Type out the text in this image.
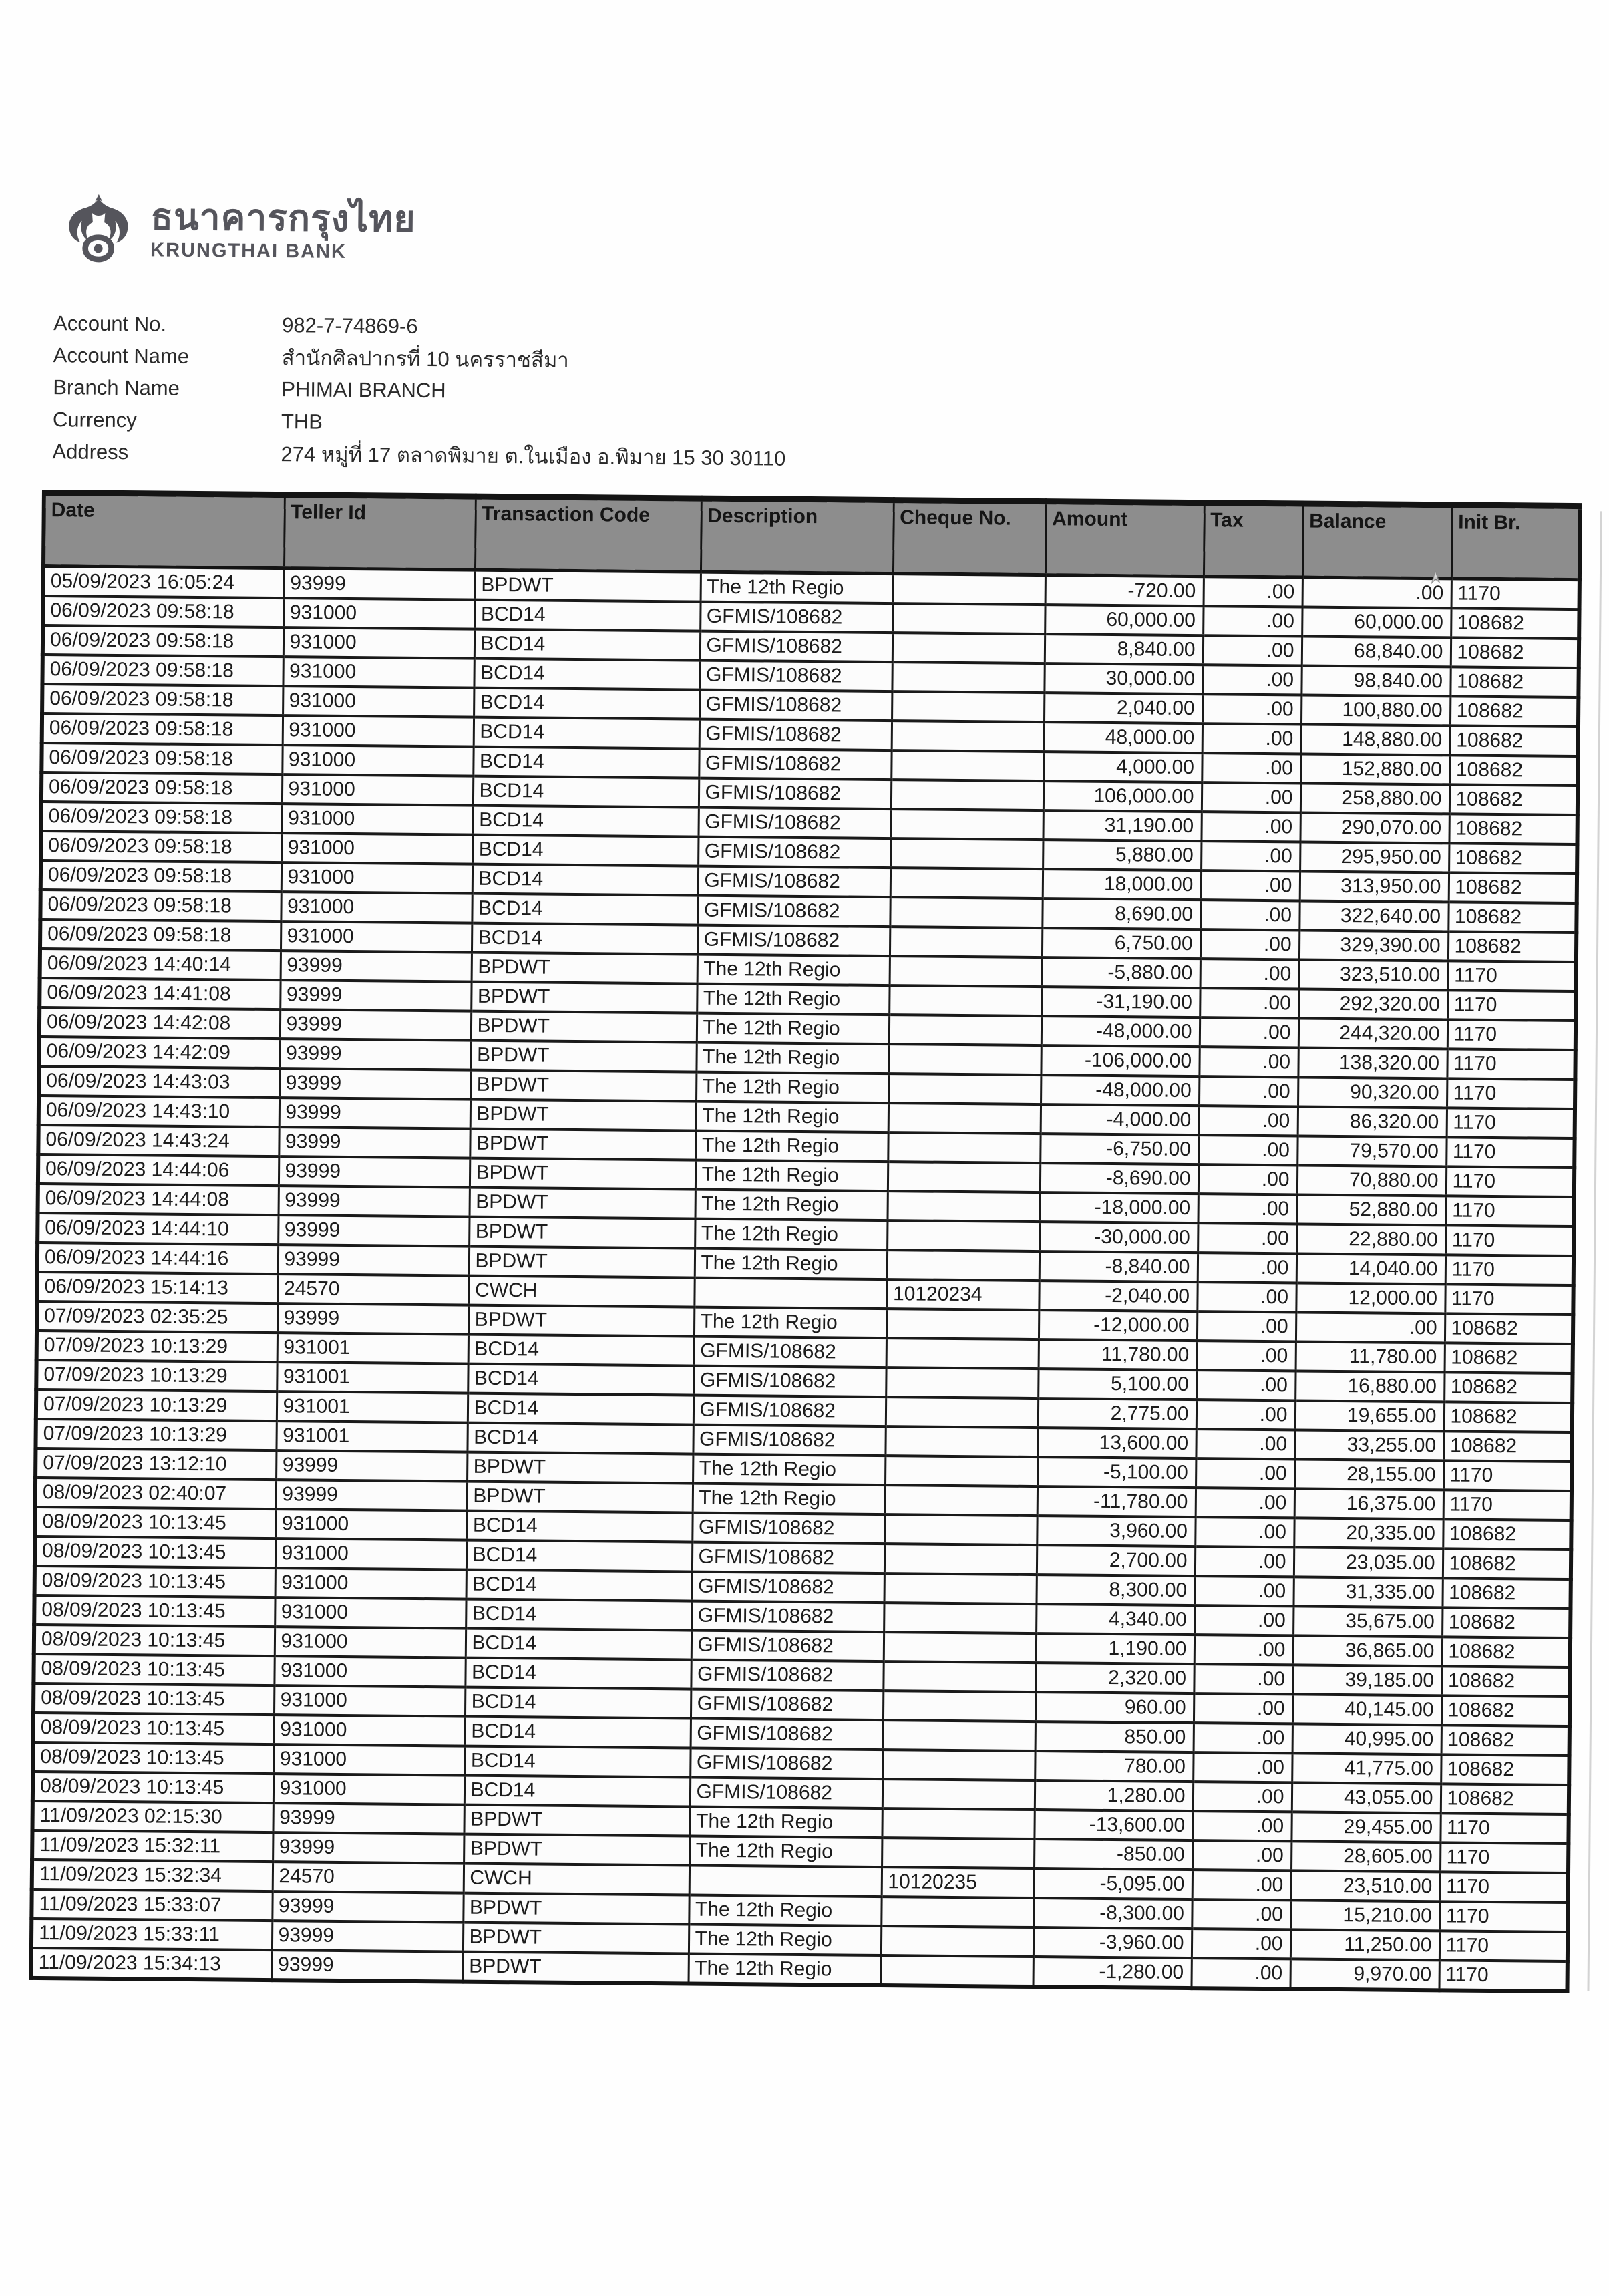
ธนาคารกรุงไทย
KRUNGTHAI BANK
Account No.	982-7-74869-6
Account Name	สำนักศิลปากรที่ 10 นครราชสีมา
Branch Name	PHIMAI BRANCH
Currency	THB
Address	274 หมู่ที่ 17 ตลาดพิมาย ต.ในเมือง อ.พิมาย 15 30 30110
Date	Teller Id	Transaction Code	Description	Cheque No.	Amount	Tax	Balance	Init Br.
05/09/2023 16:05:24	93999	BPDWT	The 12th Regio		-720.00	.00	.00	1170
06/09/2023 09:58:18	931000	BCD14	GFMIS/108682		60,000.00	.00	60,000.00	108682
06/09/2023 09:58:18	931000	BCD14	GFMIS/108682		8,840.00	.00	68,840.00	108682
06/09/2023 09:58:18	931000	BCD14	GFMIS/108682		30,000.00	.00	98,840.00	108682
06/09/2023 09:58:18	931000	BCD14	GFMIS/108682		2,040.00	.00	100,880.00	108682
06/09/2023 09:58:18	931000	BCD14	GFMIS/108682		48,000.00	.00	148,880.00	108682
06/09/2023 09:58:18	931000	BCD14	GFMIS/108682		4,000.00	.00	152,880.00	108682
06/09/2023 09:58:18	931000	BCD14	GFMIS/108682		106,000.00	.00	258,880.00	108682
06/09/2023 09:58:18	931000	BCD14	GFMIS/108682		31,190.00	.00	290,070.00	108682
06/09/2023 09:58:18	931000	BCD14	GFMIS/108682		5,880.00	.00	295,950.00	108682
06/09/2023 09:58:18	931000	BCD14	GFMIS/108682		18,000.00	.00	313,950.00	108682
06/09/2023 09:58:18	931000	BCD14	GFMIS/108682		8,690.00	.00	322,640.00	108682
06/09/2023 09:58:18	931000	BCD14	GFMIS/108682		6,750.00	.00	329,390.00	108682
06/09/2023 14:40:14	93999	BPDWT	The 12th Regio		-5,880.00	.00	323,510.00	1170
06/09/2023 14:41:08	93999	BPDWT	The 12th Regio		-31,190.00	.00	292,320.00	1170
06/09/2023 14:42:08	93999	BPDWT	The 12th Regio		-48,000.00	.00	244,320.00	1170
06/09/2023 14:42:09	93999	BPDWT	The 12th Regio		-106,000.00	.00	138,320.00	1170
06/09/2023 14:43:03	93999	BPDWT	The 12th Regio		-48,000.00	.00	90,320.00	1170
06/09/2023 14:43:10	93999	BPDWT	The 12th Regio		-4,000.00	.00	86,320.00	1170
06/09/2023 14:43:24	93999	BPDWT	The 12th Regio		-6,750.00	.00	79,570.00	1170
06/09/2023 14:44:06	93999	BPDWT	The 12th Regio		-8,690.00	.00	70,880.00	1170
06/09/2023 14:44:08	93999	BPDWT	The 12th Regio		-18,000.00	.00	52,880.00	1170
06/09/2023 14:44:10	93999	BPDWT	The 12th Regio		-30,000.00	.00	22,880.00	1170
06/09/2023 14:44:16	93999	BPDWT	The 12th Regio		-8,840.00	.00	14,040.00	1170
06/09/2023 15:14:13	24570	CWCH		10120234	-2,040.00	.00	12,000.00	1170
07/09/2023 02:35:25	93999	BPDWT	The 12th Regio		-12,000.00	.00	.00	108682
07/09/2023 10:13:29	931001	BCD14	GFMIS/108682		11,780.00	.00	11,780.00	108682
07/09/2023 10:13:29	931001	BCD14	GFMIS/108682		5,100.00	.00	16,880.00	108682
07/09/2023 10:13:29	931001	BCD14	GFMIS/108682		2,775.00	.00	19,655.00	108682
07/09/2023 10:13:29	931001	BCD14	GFMIS/108682		13,600.00	.00	33,255.00	108682
07/09/2023 13:12:10	93999	BPDWT	The 12th Regio		-5,100.00	.00	28,155.00	1170
08/09/2023 02:40:07	93999	BPDWT	The 12th Regio		-11,780.00	.00	16,375.00	1170
08/09/2023 10:13:45	931000	BCD14	GFMIS/108682		3,960.00	.00	20,335.00	108682
08/09/2023 10:13:45	931000	BCD14	GFMIS/108682		2,700.00	.00	23,035.00	108682
08/09/2023 10:13:45	931000	BCD14	GFMIS/108682		8,300.00	.00	31,335.00	108682
08/09/2023 10:13:45	931000	BCD14	GFMIS/108682		4,340.00	.00	35,675.00	108682
08/09/2023 10:13:45	931000	BCD14	GFMIS/108682		1,190.00	.00	36,865.00	108682
08/09/2023 10:13:45	931000	BCD14	GFMIS/108682		2,320.00	.00	39,185.00	108682
08/09/2023 10:13:45	931000	BCD14	GFMIS/108682		960.00	.00	40,145.00	108682
08/09/2023 10:13:45	931000	BCD14	GFMIS/108682		850.00	.00	40,995.00	108682
08/09/2023 10:13:45	931000	BCD14	GFMIS/108682		780.00	.00	41,775.00	108682
08/09/2023 10:13:45	931000	BCD14	GFMIS/108682		1,280.00	.00	43,055.00	108682
11/09/2023 02:15:30	93999	BPDWT	The 12th Regio		-13,600.00	.00	29,455.00	1170
11/09/2023 15:32:11	93999	BPDWT	The 12th Regio		-850.00	.00	28,605.00	1170
11/09/2023 15:32:34	24570	CWCH		10120235	-5,095.00	.00	23,510.00	1170
11/09/2023 15:33:07	93999	BPDWT	The 12th Regio		-8,300.00	.00	15,210.00	1170
11/09/2023 15:33:11	93999	BPDWT	The 12th Regio		-3,960.00	.00	11,250.00	1170
11/09/2023 15:34:13	93999	BPDWT	The 12th Regio		-1,280.00	.00	9,970.00	1170
